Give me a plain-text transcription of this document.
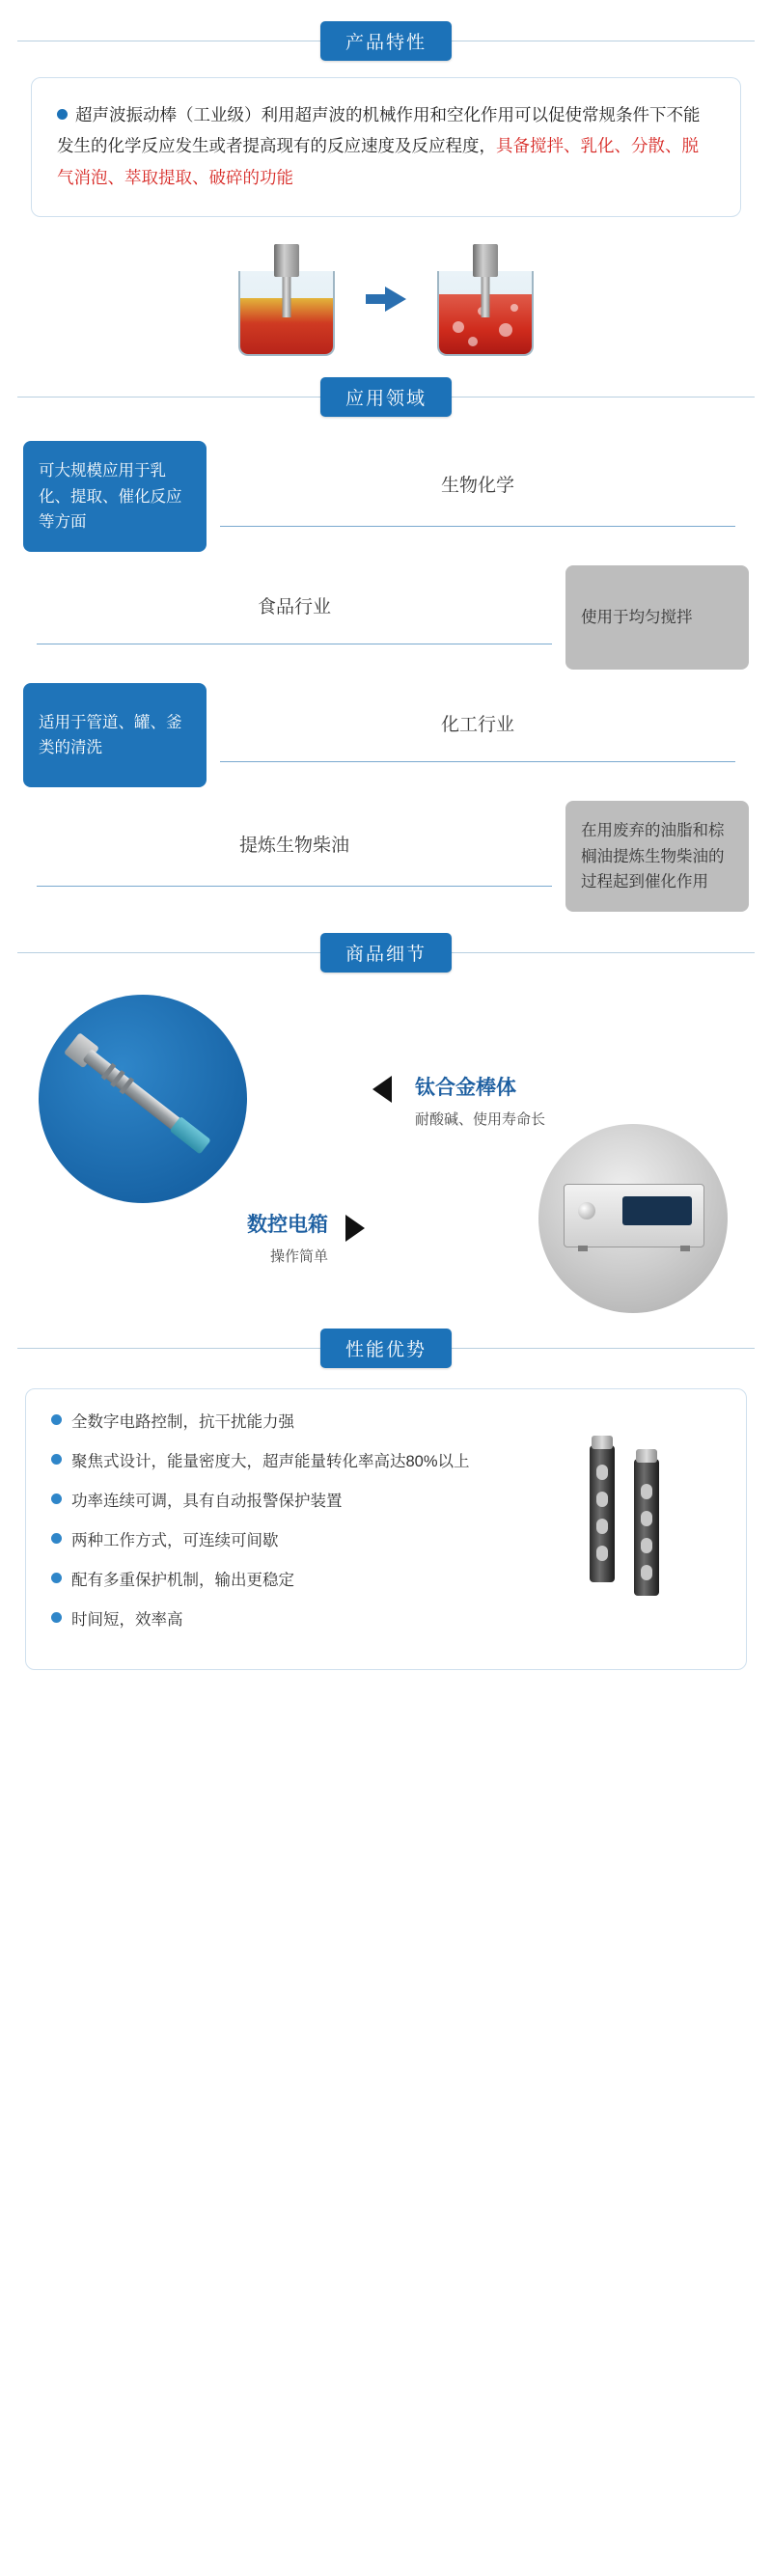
产品特性
超声波振动棒（工业级）利用超声波的机械作用和空化作用可以促使常规条件下不能发生的化学反应发生或者提高现有的反应速度及反应程度，具备搅拌、乳化、分散、脱气消泡、萃取提取、破碎的功能
应用领域
可大规模应用于乳化、提取、催化反应等方面
生物化学
使用于均匀搅拌
食品行业
适用于管道、罐、釜类的清洗
化工行业
在用废弃的油脂和棕榈油提炼生物柴油的过程起到催化作用
提炼生物柴油
商品细节
钛合金棒体
耐酸碱、使用寿命长
数控电箱
操作简单
性能优势
全数字电路控制，抗干扰能力强
聚焦式设计，能量密度大，超声能量转化率高达80%以上
功率连续可调，具有自动报警保护装置
两种工作方式，可连续可间歇
配有多重保护机制，输出更稳定
时间短，效率高
